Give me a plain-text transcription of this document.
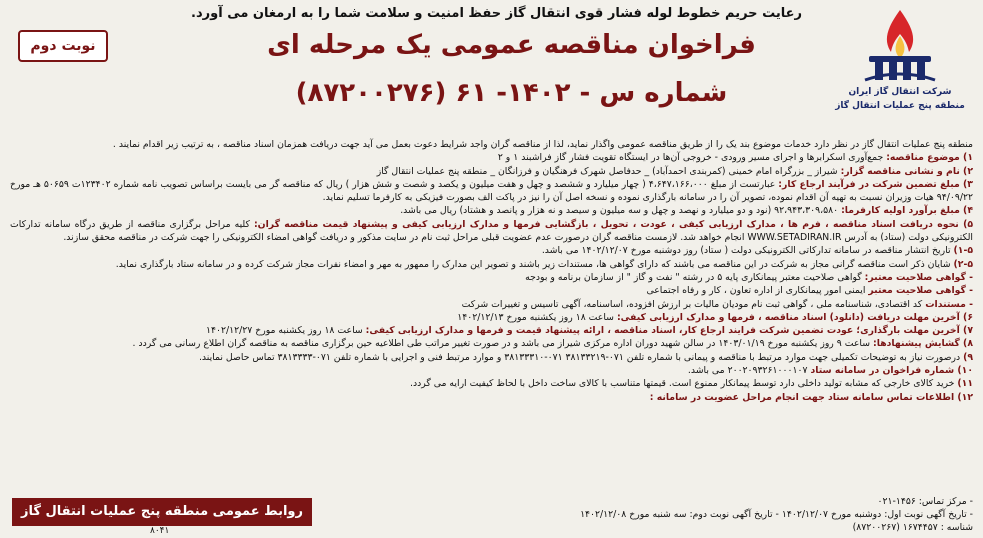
رعایت حریم خطوط لوله فشار قوی انتقال گاز حفظ امنیت و سلامت شما را به ارمغان می آورد.
شرکت انتقال گاز ایران
منطقه پنج عملیات انتقال گاز
فراخوان مناقصه عمومی یک مرحله ای
شماره س - ۱۴۰۲- ۶۱ (۸۷۲۰۰۲۷۶)
نوبت دوم

منطقه پنج عملیات انتقال گاز در نظر دارد خدمات موضوع بند یک را از طریق مناقصه عمومی واگذار نماید، لذا از مناقصه گران واجد شرایط دعوت بعمل می آید جهت دریافت همزمان اسناد مناقصه ، به ترتیب زیر اقدام نمایند .

۱) موضوع مناقصه: جمع‌آوری اسکرابرها و اجرای مسیر ورودی - خروجی آن‌ها در ایستگاه تقویت فشار گاز فراشبند ۱ و ۲

۲) نام و نشانی مناقصه گزار: شیراز _ بزرگراه امام خمینی (کمربندی احمدآباد) _ حدفاصل شهرک فرهنگیان و فرزانگان _ منطقه پنج عملیات انتقال گاز

۳) مبلغ تضمین شرکت در فرآیند ارجاع کار: عبارتست از مبلغ ۴،۶۴۷،۱۶۶،۰۰۰ ( چهار میلیارد و ششصد و چهل و هفت میلیون و یکصد و شصت و شش هزار ) ریال که مناقصه گر می بایست براساس تصویب نامه شماره ۱۲۳۴۰۲ت ۵۰۶۵۹ هـ مورخ ۹۴/۰۹/۲۲ هیات وزیران نسبت به تهیه آن اقدام نموده، تصویر آن را در سامانه بارگذاری نموده و نسخه اصل آن را نیز در پاکت الف بصورت فیزیکی به کارفرما تسلیم نماید.

۴) مبلغ برآورد اولیه کارفرما: ۹۲،۹۴۳،۳۰۹،۵۸۰ (نود و دو میلیارد و نهصد و چهل و سه میلیون و سیصد و نه هزار و پانصد و هشتاد) ریال می باشد.

۵) نحوه دریافت اسناد مناقصه ، فرم ها ، مدارک ارزیابی کیفی ، عودت ، تحویل ، بازگشایی فرمها و مدارک ارزیابی کیفی و پیشنهاد قیمت مناقصه گران: کلیه مراحل برگزاری مناقصه از طریق درگاه سامانه تدارکات الکترونیکی دولت (ستاد) به آدرس WWW.SETADIRAN.IR انجام خواهد شد. لازمست مناقصه گران درصورت عدم عضویت قبلی مراحل ثبت نام در سایت مذکور و دریافت گواهی امضاء الکترونیکی را جهت شرکت در مناقصه محقق سازند.

۱-۵) تاریخ انتشار مناقصه در سامانه تدارکاتی الکترونیکی دولت ( ستاد) روز دوشنبه مورخ ۱۴۰۲/۱۲/۰۷ می باشد.

۲-۵) شایان ذکر است مناقصه گرانی مجاز به شرکت در این مناقصه می باشند که دارای گواهی ها، مستندات زیر باشند و تصویر این مدارک را ممهور به مهر و امضاء نفرات مجاز شرکت کرده و در سامانه ستاد بارگذاری نماید.

- گواهی صلاحیت معتبر: گواهی صلاحیت معتبر پیمانکاری پایه ۵ در رشته " نفت و گاز " از سازمان برنامه و بودجه

- گواهی صلاحیت معتبر ایمنی امور پیمانکاری از اداره تعاون ، کار و رفاه اجتماعی

- مستندات کد اقتصادی، شناسنامه ملی ، گواهی ثبت نام مودیان مالیات بر ارزش افزوده، اساسنامه، آگهی تاسیس و تغییرات شرکت

۶) آخرین مهلت دریافت (دانلود) اسناد مناقصه ، فرمها و مدارک ارزیابی کیفی: ساعت ۱۸ روز یکشنبه مورخ ۱۴۰۲/۱۲/۱۳

۷) آخرین مهلت بارگذاری؛ عودت تضمین شرکت فرایند ارجاع کار، اسناد مناقصه ، ارائه پیشنهاد قیمت و فرمها و مدارک ارزیابی کیفی: ساعت ۱۸ روز یکشنبه مورخ ۱۴۰۲/۱۲/۲۷

۸) گشایش پیشنهادها: ساعت ۹ روز یکشنبه مورخ ۱۴۰۳/۰۱/۱۹ در سالن شهید دوران اداره مرکزی شیراز می باشد و در صورت تغییر مراتب طی اطلاعیه حین برگزاری مناقصه به مناقصه گران اطلاع رسانی می گردد .

۹) درصورت نیاز به توضیحات تکمیلی جهت موارد مرتبط با مناقصه و پیمانی با شماره تلفن ۰۷۱-۳۸۱۳۳۲۱۹ ۰۷۱-۳۸۱۳۳۳۱۰ و موارد مرتبط فنی و اجرایی با شماره تلفن ۰۷۱-۳۸۱۳۳۳۳ تماس حاصل نمایند.

۱۰) شماره فراخوان در سامانه ستاد ۲۰۰۲۰۹۳۲۶۱۰۰۰۱۰۷ می باشد.

۱۱) خرید کالای خارجی که مشابه تولید داخلی دارد توسط پیمانکار ممنوع است. قیمتها متناسب با کالای ساخت داخل با لحاظ کیفیت ارایه می گردد.

۱۲) اطلاعات تماس سامانه ستاد جهت انجام مراحل عضویت در سامانه :

- مرکز تماس: ۱۴۵۶-۰۲۱

- تاریخ آگهی نوبت اول: دوشنبه مورخ ۱۴۰۲/۱۲/۰۷ - تاریخ آگهی نوبت دوم: سه شنبه مورخ ۱۴۰۲/۱۲/۰۸

شناسه : ۱۶۷۴۴۵۷ (۸۷۲۰۰۲۶۷)

روابط عمومی منطقه پنج عملیات انتقال گاز
۸۰۴۱
